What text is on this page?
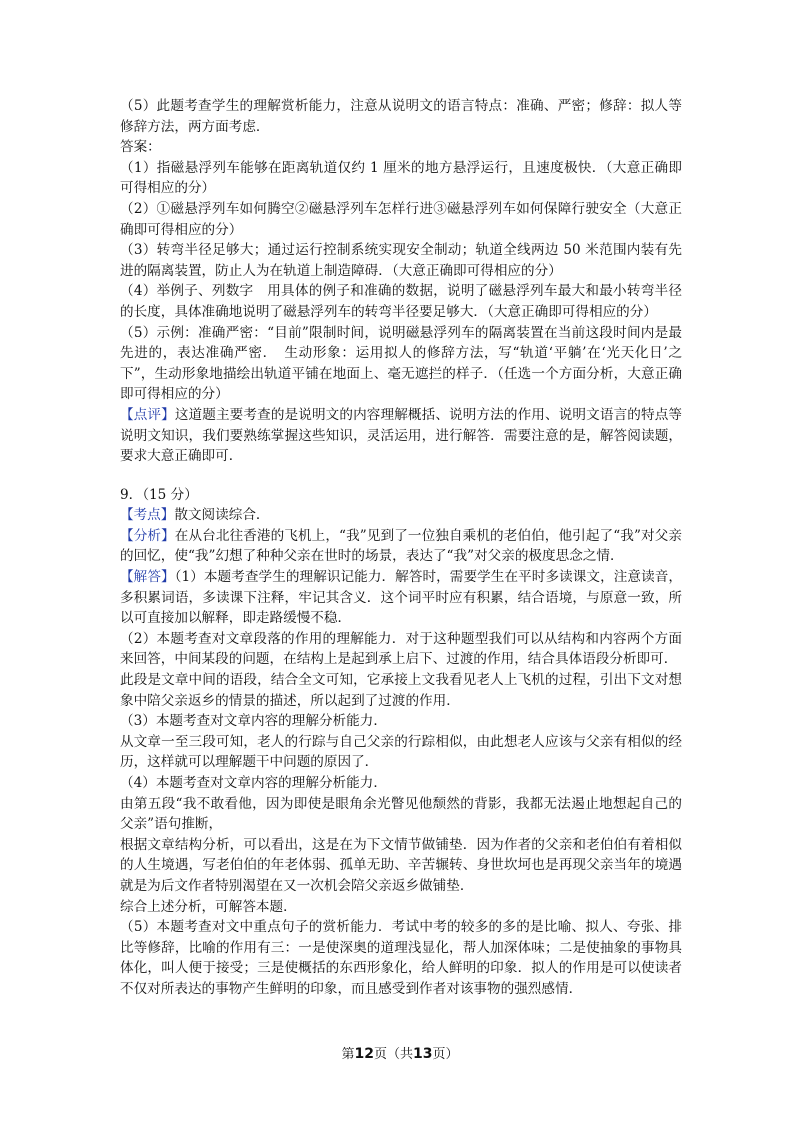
（5）此题考查学生的理解赏析能力，注意从说明文的语言特点：准确、严密；修辞：拟人等修辞方法，两方面考虑．

答案：

（1）指磁悬浮列车能够在距离轨道仅约 1 厘米的地方悬浮运行，且速度极快．（大意正确即可得相应的分）

（2）①磁悬浮列车如何腾空②磁悬浮列车怎样行进③磁悬浮列车如何保障行驶安全（大意正确即可得相应的分）

（3）转弯半径足够大；通过运行控制系统实现安全制动；轨道全线两边 50 米范围内装有先进的隔离装置，防止人为在轨道上制造障碍．（大意正确即可得相应的分）

（4）举例子、列数字　用具体的例子和准确的数据，说明了磁悬浮列车最大和最小转弯半径的长度，具体准确地说明了磁悬浮列车的转弯半径要足够大．（大意正确即可得相应的分）

（5）示例：准确严密：“目前”限制时间，说明磁悬浮列车的隔离装置在当前这段时间内是最先进的，表达准确严密．　生动形象：运用拟人的修辞方法，写“轨道‘平躺’在‘光天化日’之下”，生动形象地描绘出轨道平铺在地面上、毫无遮拦的样子．（任选一个方面分析，大意正确即可得相应的分）

【点评】这道题主要考查的是说明文的内容理解概括、说明方法的作用、说明文语言的特点等说明文知识，我们要熟练掌握这些知识，灵活运用，进行解答．需要注意的是，解答阅读题，要求大意正确即可．

9．（15 分）

【考点】散文阅读综合．

【分析】在从台北往香港的飞机上，“我”见到了一位独自乘机的老伯伯，他引起了“我”对父亲的回忆，使“我”幻想了种种父亲在世时的场景，表达了“我”对父亲的极度思念之情．

【解答】（1）本题考查学生的理解识记能力．解答时，需要学生在平时多读课文，注意读音，多积累词语，多读课下注释，牢记其含义．这个词平时应有积累，结合语境，与原意一致，所以可直接加以解释，即走路缓慢不稳．

（2）本题考查对文章段落的作用的理解能力．对于这种题型我们可以从结构和内容两个方面来回答，中间某段的问题，在结构上是起到承上启下、过渡的作用，结合具体语段分析即可．

此段是文章中间的语段，结合全文可知，它承接上文我看见老人上飞机的过程，引出下文对想象中陪父亲返乡的情景的描述，所以起到了过渡的作用．

（3）本题考查对文章内容的理解分析能力．

从文章一至三段可知，老人的行踪与自己父亲的行踪相似，由此想老人应该与父亲有相似的经历，这样就可以理解题干中问题的原因了．

（4）本题考查对文章内容的理解分析能力．

由第五段“我不敢看他，因为即使是眼角余光瞥见他颓然的背影，我都无法遏止地想起自己的父亲”语句推断，

根据文章结构分析，可以看出，这是在为下文情节做铺垫．因为作者的父亲和老伯伯有着相似的人生境遇，写老伯伯的年老体弱、孤单无助、辛苦辗转、身世坎坷也是再现父亲当年的境遇就是为后文作者特别渴望在又一次机会陪父亲返乡做铺垫．

综合上述分析，可解答本题．

（5）本题考查对文中重点句子的赏析能力．考试中考的较多的多的是比喻、拟人、夸张、排比等修辞，比喻的作用有三：一是使深奥的道理浅显化，帮人加深体味；二是使抽象的事物具体化，叫人便于接受；三是使概括的东西形象化，给人鲜明的印象．拟人的作用是可以使读者不仅对所表达的事物产生鲜明的印象，而且感受到作者对该事物的强烈感情．

第12页（共13页）
